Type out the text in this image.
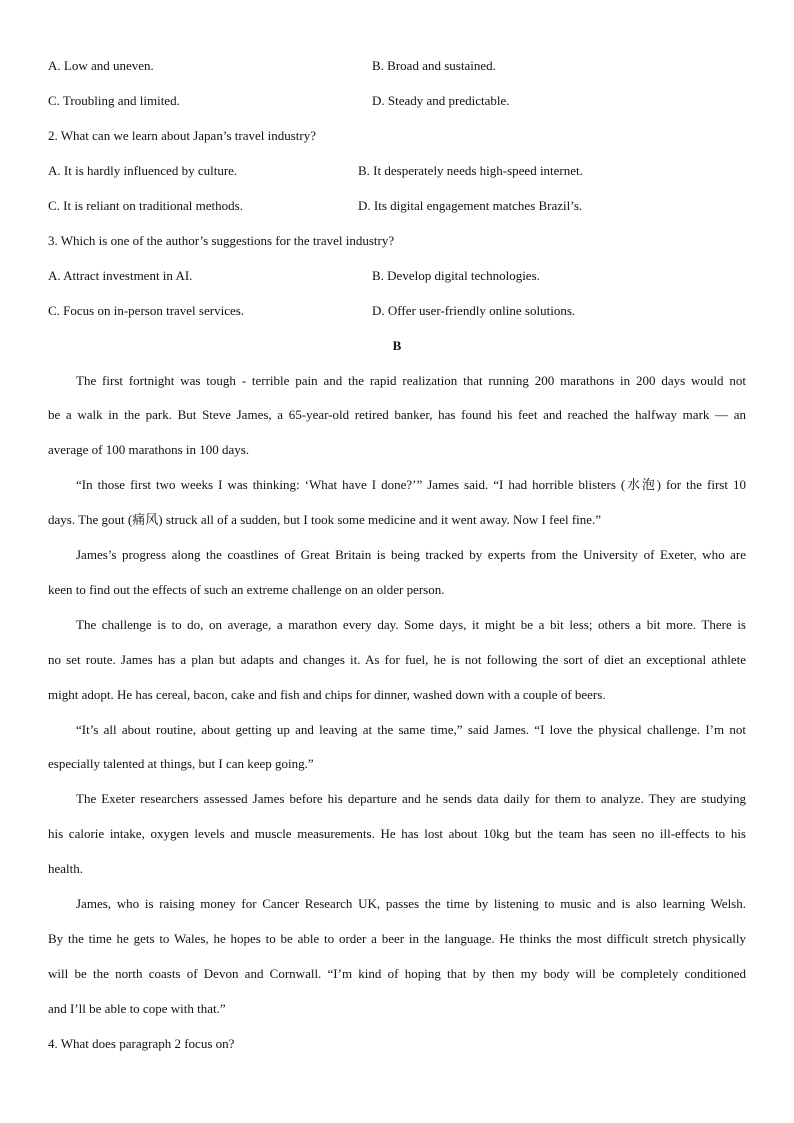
A. Low and uneven.	B. Broad and sustained.
C. Troubling and limited.	D. Steady and predictable.
2. What can we learn about Japan’s travel industry?
A. It is hardly influenced by culture.	B. It desperately needs high-speed internet.
C. It is reliant on traditional methods.	D. Its digital engagement matches Brazil’s.
3. Which is one of the author’s suggestions for the travel industry?
A. Attract investment in AI.	B. Develop digital technologies.
C. Focus on in-person travel services.	D. Offer user-friendly online solutions.
B
The first fortnight was tough - terrible pain and the rapid realization that running 200 marathons in 200 days would not
be a walk in the park. But Steve James, a 65-year-old retired banker, has found his feet and reached the halfway mark — an
average of 100 marathons in 100 days.
“In those first two weeks I was thinking: ‘What have I done?’” James said. “I had horrible blisters (水泡) for the first 10
days. The gout (痛风) struck all of a sudden, but I took some medicine and it went away. Now I feel fine.”
James’s progress along the coastlines of Great Britain is being tracked by experts from the University of Exeter, who are
keen to find out the effects of such an extreme challenge on an older person.
The challenge is to do, on average, a marathon every day. Some days, it might be a bit less; others a bit more. There is
no set route. James has a plan but adapts and changes it. As for fuel, he is not following the sort of diet an exceptional athlete
might adopt. He has cereal, bacon, cake and fish and chips for dinner, washed down with a couple of beers.
“It’s all about routine, about getting up and leaving at the same time,” said James. “I love the physical challenge. I’m not
especially talented at things, but I can keep going.”
The Exeter researchers assessed James before his departure and he sends data daily for them to analyze. They are studying
his calorie intake, oxygen levels and muscle measurements. He has lost about 10kg but the team has seen no ill-effects to his
health.
James, who is raising money for Cancer Research UK, passes the time by listening to music and is also learning Welsh.
By the time he gets to Wales, he hopes to be able to order a beer in the language. He thinks the most difficult stretch physically
will be the north coasts of Devon and Cornwall. “I’m kind of hoping that by then my body will be completely conditioned
and I’ll be able to cope with that.”
4. What does paragraph 2 focus on?
